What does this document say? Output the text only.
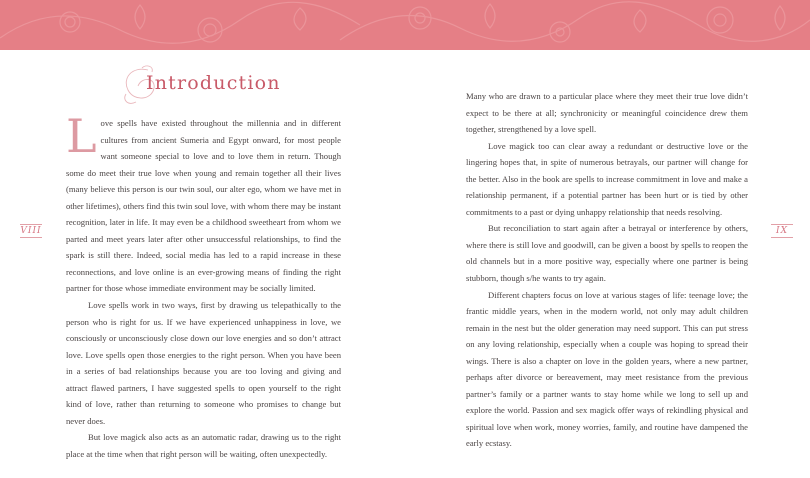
Introduction

Love spells have existed throughout the millennia and in different cultures from ancient Sumeria and Egypt onward, for most people want someone special to love and to love them in return. Though some do meet their true love when young and remain together all their lives (many believe this person is our twin soul, our alter ego, whom we have met in other lifetimes), others find this twin soul love, with whom there may be instant recognition, later in life. It may even be a childhood sweetheart from whom we parted and meet years later after other unsuccessful relationships, to find the spark is still there. Indeed, social media has led to a rapid increase in these reconnections, and love online is an ever-growing means of finding the right partner for those whose immediate environment may be socially limited.

Love spells work in two ways, first by drawing us telepathically to the person who is right for us. If we have experienced unhappiness in love, we consciously or unconsciously close down our love energies and so don’t attract love. Love spells open those energies to the right person. When you have been in a series of bad relationships because you are too loving and giving and attract flawed partners, I have suggested spells to open yourself to the right kind of love, rather than returning to someone who promises to change but never does.

But love magick also acts as an automatic radar, drawing us to the right place at the time when that right person will be waiting, often unexpectedly.

Many who are drawn to a particular place where they meet their true love didn’t expect to be there at all; synchronicity or meaningful coincidence drew them together, strengthened by a love spell.

Love magick too can clear away a redundant or destructive love or the lingering hopes that, in spite of numerous betrayals, our partner will change for the better. Also in the book are spells to increase commitment in love and make a relationship permanent, if a potential partner has been hurt or is tied by other commitments to a past or dying unhappy relationship that needs resolving.

But reconciliation to start again after a betrayal or interference by others, where there is still love and goodwill, can be given a boost by spells to reopen the old channels but in a more positive way, especially where one partner is being stubborn, though s/he wants to try again.

Different chapters focus on love at various stages of life: teenage love; the frantic middle years, when in the modern world, not only may adult children remain in the nest but the older generation may need support. This can put stress on any loving relationship, especially when a couple was hoping to spread their wings. There is also a chapter on love in the golden years, where a new partner, perhaps after divorce or bereavement, may meet resistance from the previous partner’s family or a partner wants to stay home while we long to sell up and explore the world. Passion and sex magick offer ways of rekindling physical and spiritual love when work, money worries, family, and routine have dampened the early ecstasy.

VIII	IX
